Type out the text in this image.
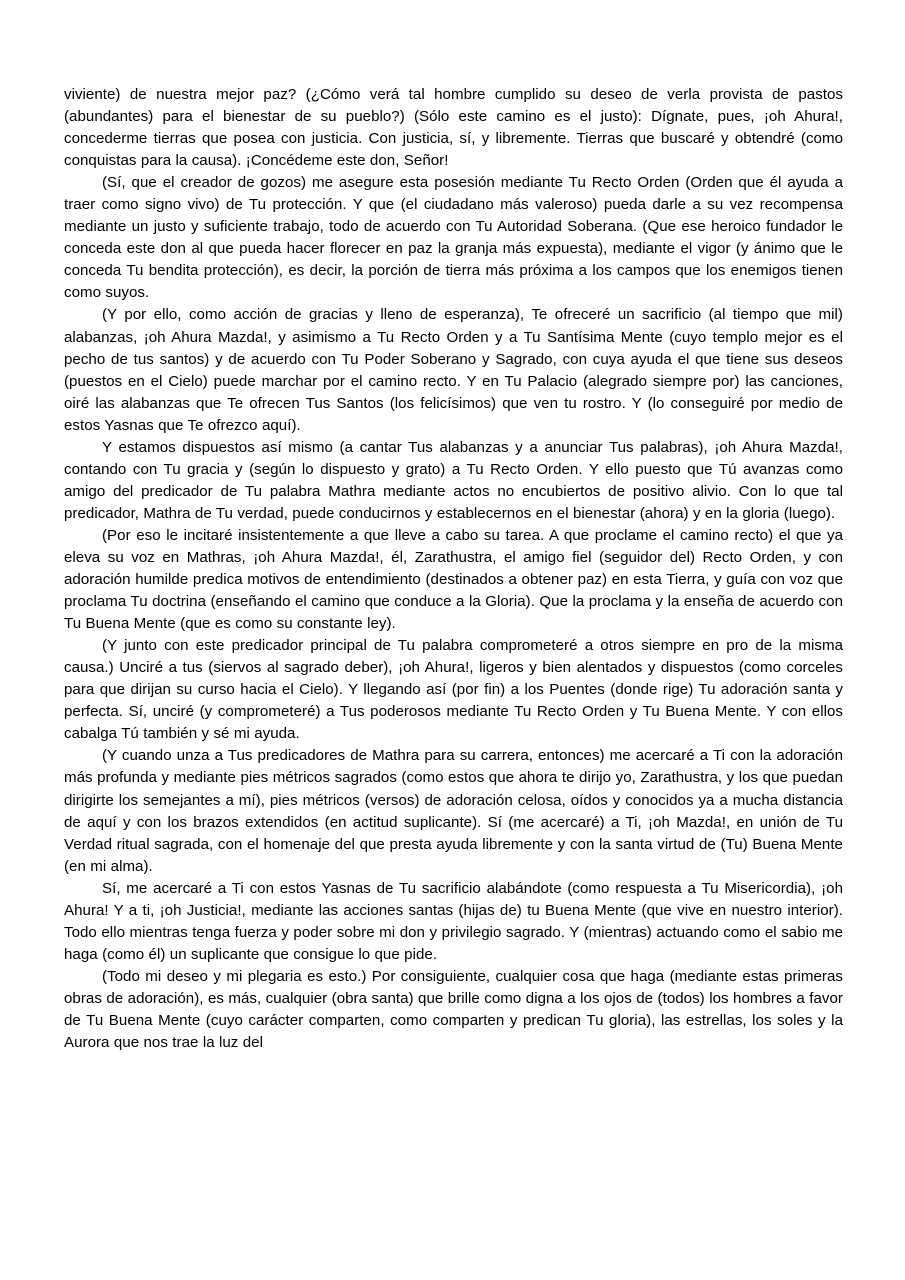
viviente) de nuestra mejor paz? (¿Cómo verá tal hombre cumplido su deseo de verla provista de pastos (abundantes) para el bienestar de su pueblo?) (Sólo este camino es el justo): Dígnate, pues, ¡oh Ahura!, concederme tierras que posea con justicia. Con justicia, sí, y libremente. Tierras que buscaré y obtendré (como conquistas para la causa). ¡Concédeme este don, Señor!

(Sí, que el creador de gozos) me asegure esta posesión mediante Tu Recto Orden (Orden que él ayuda a traer como signo vivo) de Tu protección. Y que (el ciudadano más valeroso) pueda darle a su vez recompensa mediante un justo y suficiente trabajo, todo de acuerdo con Tu Autoridad Soberana. (Que ese heroico fundador le conceda este don al que pueda hacer florecer en paz la granja más expuesta), mediante el vigor (y ánimo que le conceda Tu bendita protección), es decir, la porción de tierra más próxima a los campos que los enemigos tienen como suyos.

(Y por ello, como acción de gracias y lleno de esperanza), Te ofreceré un sacrificio (al tiempo que mil) alabanzas, ¡oh Ahura Mazda!, y asimismo a Tu Recto Orden y a Tu Santísima Mente (cuyo templo mejor es el pecho de tus santos) y de acuerdo con Tu Poder Soberano y Sagrado, con cuya ayuda el que tiene sus deseos (puestos en el Cielo) puede marchar por el camino recto. Y en Tu Palacio (alegrado siempre por) las canciones, oiré las alabanzas que Te ofrecen Tus Santos (los felicísimos) que ven tu rostro. Y (lo conseguiré por medio de estos Yasnas que Te ofrezco aquí).

Y estamos dispuestos así mismo (a cantar Tus alabanzas y a anunciar Tus palabras), ¡oh Ahura Mazda!, contando con Tu gracia y (según lo dispuesto y grato) a Tu Recto Orden. Y ello puesto que Tú avanzas como amigo del predicador de Tu palabra Mathra mediante actos no encubiertos de positivo alivio. Con lo que tal predicador, Mathra de Tu verdad, puede conducirnos y establecernos en el bienestar (ahora) y en la gloria (luego).

(Por eso le incitaré insistentemente a que lleve a cabo su tarea. A que proclame el camino recto) el que ya eleva su voz en Mathras, ¡oh Ahura Mazda!, él, Zarathustra, el amigo fiel (seguidor del) Recto Orden, y con adoración humilde predica motivos de entendimiento (destinados a obtener paz) en esta Tierra, y guía con voz que proclama Tu doctrina (enseñando el camino que conduce a la Gloria). Que la proclama y la enseña de acuerdo con Tu Buena Mente (que es como su constante ley).

(Y junto con este predicador principal de Tu palabra comprometeré a otros siempre en pro de la misma causa.) Unciré a tus (siervos al sagrado deber), ¡oh Ahura!, ligeros y bien alentados y dispuestos (como corceles para que dirijan su curso hacia el Cielo). Y llegando así (por fin) a los Puentes (donde rige) Tu adoración santa y perfecta. Sí, unciré (y comprometeré) a Tus poderosos mediante Tu Recto Orden y Tu Buena Mente. Y con ellos cabalga Tú también y sé mi ayuda.

(Y cuando unza a Tus predicadores de Mathra para su carrera, entonces) me acercaré a Ti con la adoración más profunda y mediante pies métricos sagrados (como estos que ahora te dirijo yo, Zarathustra, y los que puedan dirigirte los semejantes a mí), pies métricos (versos) de adoración celosa, oídos y conocidos ya a mucha distancia de aquí y con los brazos extendidos (en actitud suplicante). Sí (me acercaré) a Ti, ¡oh Mazda!, en unión de Tu Verdad ritual sagrada, con el homenaje del que presta ayuda libremente y con la santa virtud de (Tu) Buena Mente (en mi alma).

Sí, me acercaré a Ti con estos Yasnas de Tu sacrificio alabándote (como respuesta a Tu Misericordia), ¡oh Ahura! Y a ti, ¡oh Justicia!, mediante las acciones santas (hijas de) tu Buena Mente (que vive en nuestro interior). Todo ello mientras tenga fuerza y poder sobre mi don y privilegio sagrado. Y (mientras) actuando como el sabio me haga (como él) un suplicante que consigue lo que pide.

(Todo mi deseo y mi plegaria es esto.) Por consiguiente, cualquier cosa que haga (mediante estas primeras obras de adoración), es más, cualquier (obra santa) que brille como digna a los ojos de (todos) los hombres a favor de Tu Buena Mente (cuyo carácter comparten, como comparten y predican Tu gloria), las estrellas, los soles y la Aurora que nos trae la luz del
